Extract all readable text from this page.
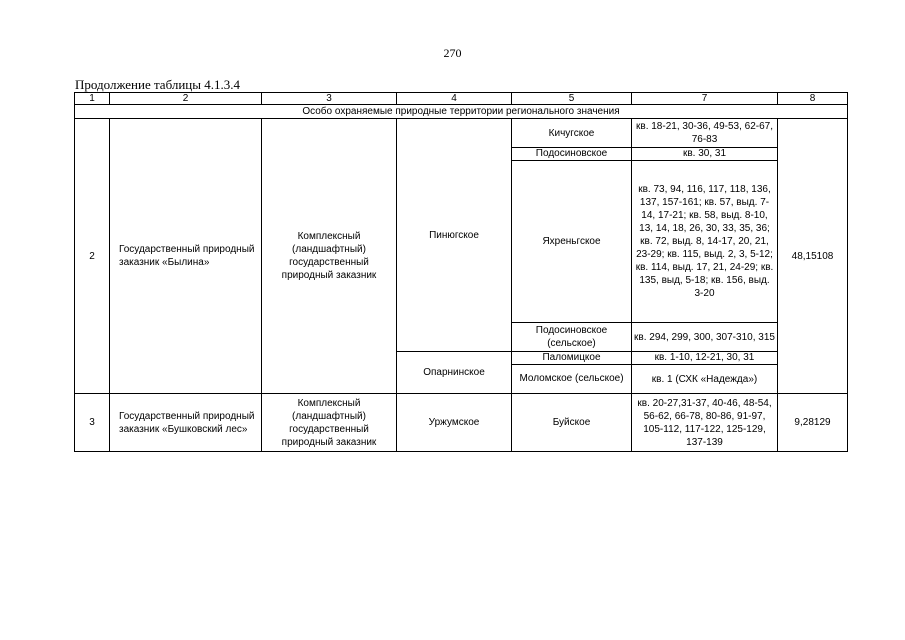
270
Продолжение таблицы 4.1.3.4
1	2	3	4	5	7	8
Особо охраняемые природные территории регионального значения						
2	Государственный природный заказник «Былина»	Комплексный (ландшафтный) государственный природный заказник	Пинюгское	Кичугское	кв. 18-21, 30-36, 49-53, 62-67, 76-83	48,15108
				Подосиновское	кв. 30, 31	
				Яхреньгское	кв. 73, 94, 116, 117, 118, 136, 137, 157-161; кв. 57, выд. 7-14, 17-21; кв. 58, выд. 8-10, 13, 14, 18, 26, 30, 33, 35, 36; кв. 72, выд. 8, 14-17, 20, 21, 23-29; кв. 115, выд. 2, 3, 5-12; кв. 114, выд. 17, 21, 24-29; кв. 135, выд, 5-18; кв. 156, выд. 3-20	
				Подосиновское (сельское)	кв. 294, 299, 300, 307-310, 315	
			Опарнинское	Паломицкое	кв. 1-10, 12-21, 30, 31	
				Моломское (сельское)	кв. 1 (СХК «Надежда»)	
3	Государственный природный заказник «Бушковский лес»	Комплексный (ландшафтный) государственный природный заказник	Уржумское	Буйское	кв. 20-27,31-37, 40-46, 48-54, 56-62, 66-78, 80-86, 91-97, 105-112, 117-122, 125-129, 137-139	9,28129
